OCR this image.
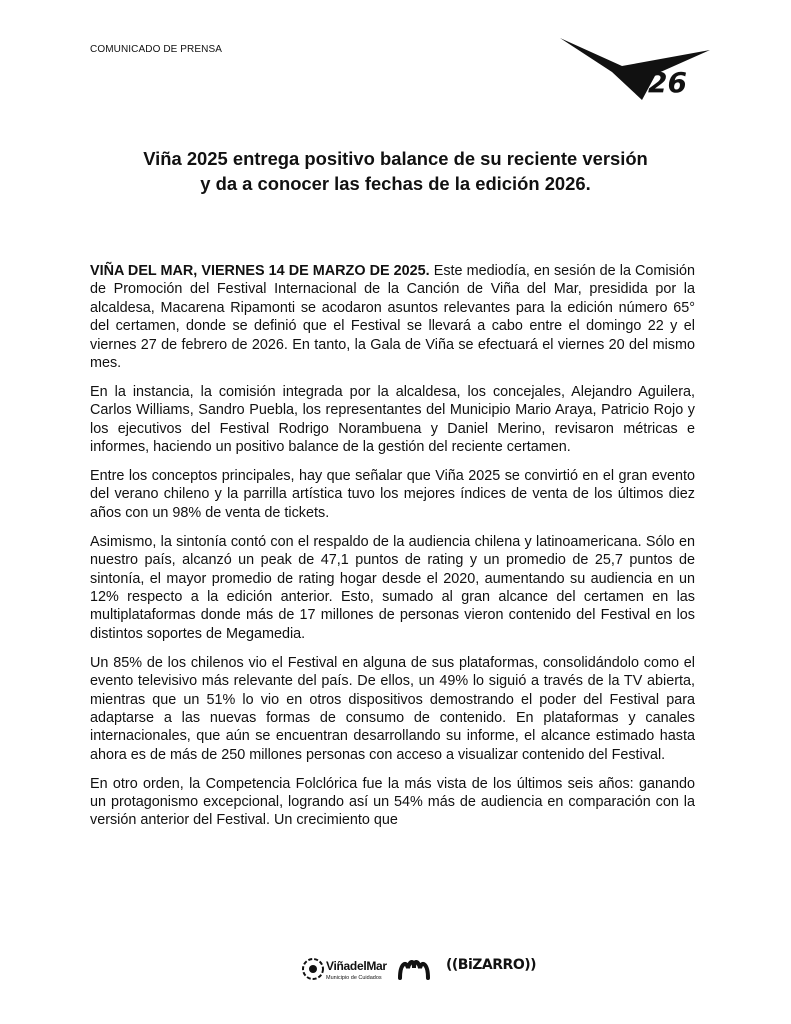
COMUNICADO DE PRENSA
26
Viña 2025 entrega positivo balance de su reciente versión
y da a conocer las fechas de la edición 2026.

VIÑA DEL MAR, VIERNES 14 DE MARZO DE 2025. Este mediodía, en sesión de la Comisión de Promoción del Festival Internacional de la Canción de Viña del Mar, presidida por la alcaldesa, Macarena Ripamonti se acodaron asuntos relevantes para la edición número 65° del certamen, donde se definió que el Festival se llevará a cabo entre el domingo 22 y el viernes 27 de febrero de 2026. En tanto, la Gala de Viña se efectuará el viernes 20 del mismo mes.

En la instancia, la comisión integrada por la alcaldesa, los concejales, Alejandro Aguilera, Carlos Williams, Sandro Puebla, los representantes del Municipio Mario Araya, Patricio Rojo y los ejecutivos del Festival Rodrigo Norambuena y Daniel Merino, revisaron métricas e informes, haciendo un positivo balance de la gestión del reciente certamen.

Entre los conceptos principales, hay que señalar que Viña 2025 se convirtió en el gran evento del verano chileno y la parrilla artística tuvo los mejores índices de venta de los últimos diez años con un 98% de venta de tickets.

Asimismo, la sintonía contó con el respaldo de la audiencia chilena y latinoamericana. Sólo en nuestro país, alcanzó un peak de 47,1 puntos de rating y un promedio de 25,7 puntos de sintonía, el mayor promedio de rating hogar desde el 2020, aumentando su audiencia en un 12% respecto a la edición anterior. Esto, sumado al gran alcance del certamen en las multiplataformas donde más de 17 millones de personas vieron contenido del Festival en los distintos soportes de Megamedia.

Un 85% de los chilenos vio el Festival en alguna de sus plataformas, consolidándolo como el evento televisivo más relevante del país. De ellos, un 49% lo siguió a través de la TV abierta, mientras que un 51% lo vio en otros dispositivos demostrando el poder del Festival para adaptarse a las nuevas formas de consumo de contenido. En plataformas y canales internacionales, que aún se encuentran desarrollando su informe, el alcance estimado hasta ahora es de más de 250 millones personas con acceso a visualizar contenido del Festival.

En otro orden, la Competencia Folclórica fue la más vista de los últimos seis años: ganando un protagonismo excepcional, logrando así un 54% más de audiencia en comparación con la versión anterior del Festival. Un crecimiento que

ViñadelMar
Municipio de Cuidados
((BiZARRO))
